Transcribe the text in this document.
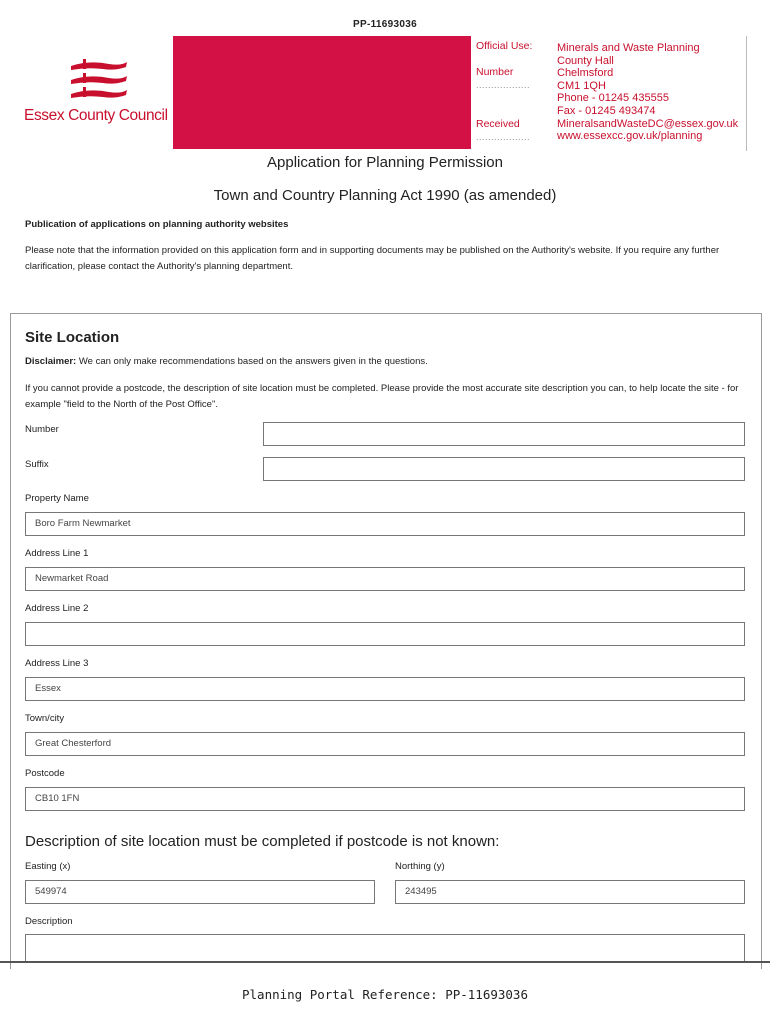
PP-11693036
Essex County Council
Official Use:
Number
..................
Received
..................
Minerals and Waste Planning
County Hall
Chelmsford
CM1 1QH
Phone - 01245 435555
Fax - 01245 493474
MineralsandWasteDC@essex.gov.uk
www.essexcc.gov.uk/planning
Application for Planning Permission
Town and Country Planning Act 1990 (as amended)
Publication of applications on planning authority websites
Please note that the information provided on this application form and in supporting documents may be published on the Authority's website. If you require any further clarification, please contact the Authority's planning department.
Site Location
Disclaimer: We can only make recommendations based on the answers given in the questions.
If you cannot provide a postcode, the description of site location must be completed. Please provide the most accurate site description you can, to help locate the site - for example "field to the North of the Post Office".
Number
Suffix
Property Name
Boro Farm Newmarket
Address Line 1
Newmarket Road
Address Line 2
Address Line 3
Essex
Town/city
Great Chesterford
Postcode
CB10 1FN
Description of site location must be completed if postcode is not known:
Easting (x)
549974
Northing (y)
243495
Description
Planning Portal Reference: PP-11693036
